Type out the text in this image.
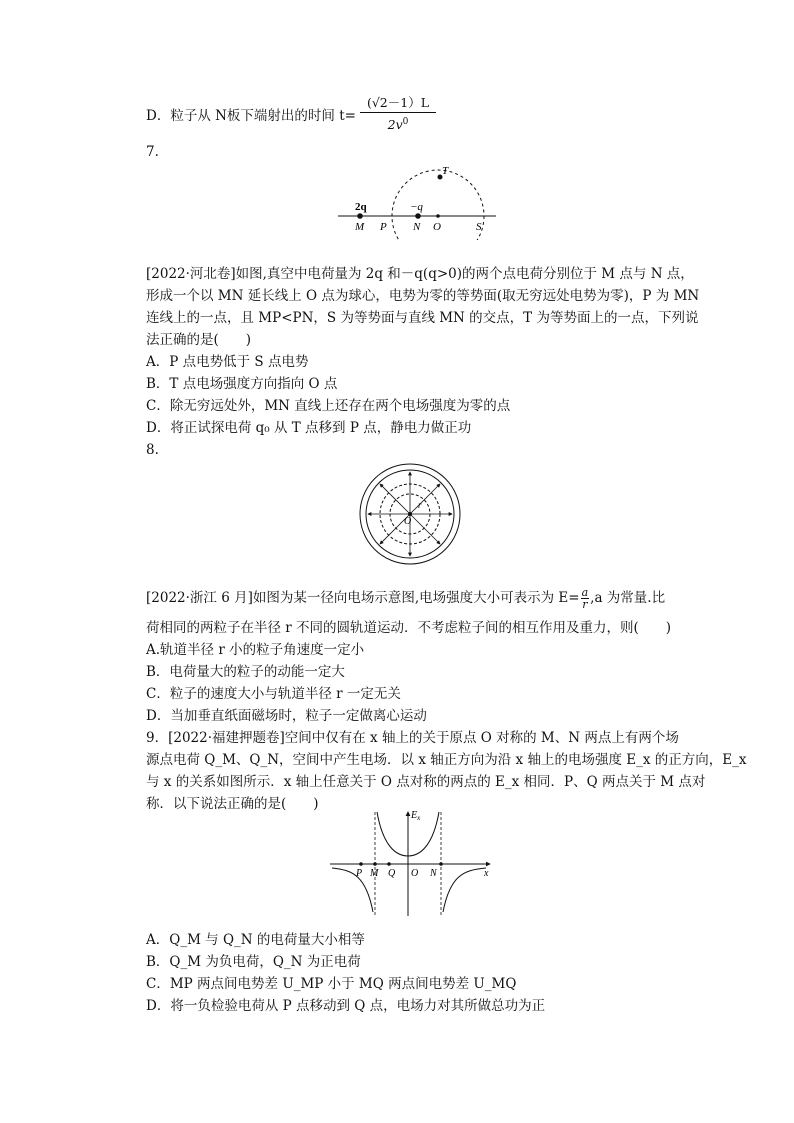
D．粒子从 N板下端射出的时间 t=
(√2－1）L
$2v^0$
7.
2q	−q
T
M P N O	S
[2022·河北卷]如图,真空中电荷量为 2q 和－q(q>0)的两个点电荷分别位于 M 点与 N 点，
形成一个以 MN 延长线上 O 点为球心，电势为零的等势面(取无穷远处电势为零)，P 为 MN
连线上的一点，且 MP<PN，S 为等势面与直线 MN 的交点，T 为等势面上的一点，下列说
法正确的是(　　)
A．P 点电势低于 S 点电势
B．T 点电场强度方向指向 O 点
C．除无穷远处外，MN 直线上还存在两个电场强度为零的点
D．将正试探电荷 q₀ 从 T 点移到 P 点，静电力做正功
8.
O
r
[2022·浙江 6 月]如图为某一径向电场示意图,电场强度大小可表示为 $E= \frac{a}{r} ,a$ 为常量.比
荷相同的两粒子在半径 r 不同的圆轨道运动．不考虑粒子间的相互作用及重力，则(　　)
A.轨道半径 r 小的粒子角速度一定小
B．电荷量大的粒子的动能一定大
C．粒子的速度大小与轨道半径 r 一定无关
D．当加垂直纸面磁场时，粒子一定做离心运动
9．[2022·福建押题卷]空间中仅有在 x 轴上的关于原点 O 对称的 M、N 两点上有两个场
源点电荷 Q_M、Q_N，空间中产生电场．以 x 轴正方向为沿 x 轴上的电场强度 E_x 的正方向，E_x
与 x 的关系如图所示．x 轴上任意关于 O 点对称的两点的 E_x 相同．P、Q 两点关于 M 点对
称．以下说法正确的是(　　)
$E_x$
P M Q O N	x
A．Q_M 与 Q_N 的电荷量大小相等
B．Q_M 为负电荷，Q_N 为正电荷
C．MP 两点间电势差 U_MP 小于 MQ 两点间电势差 U_MQ
D．将一负检验电荷从 P 点移动到 Q 点，电场力对其所做总功为正
